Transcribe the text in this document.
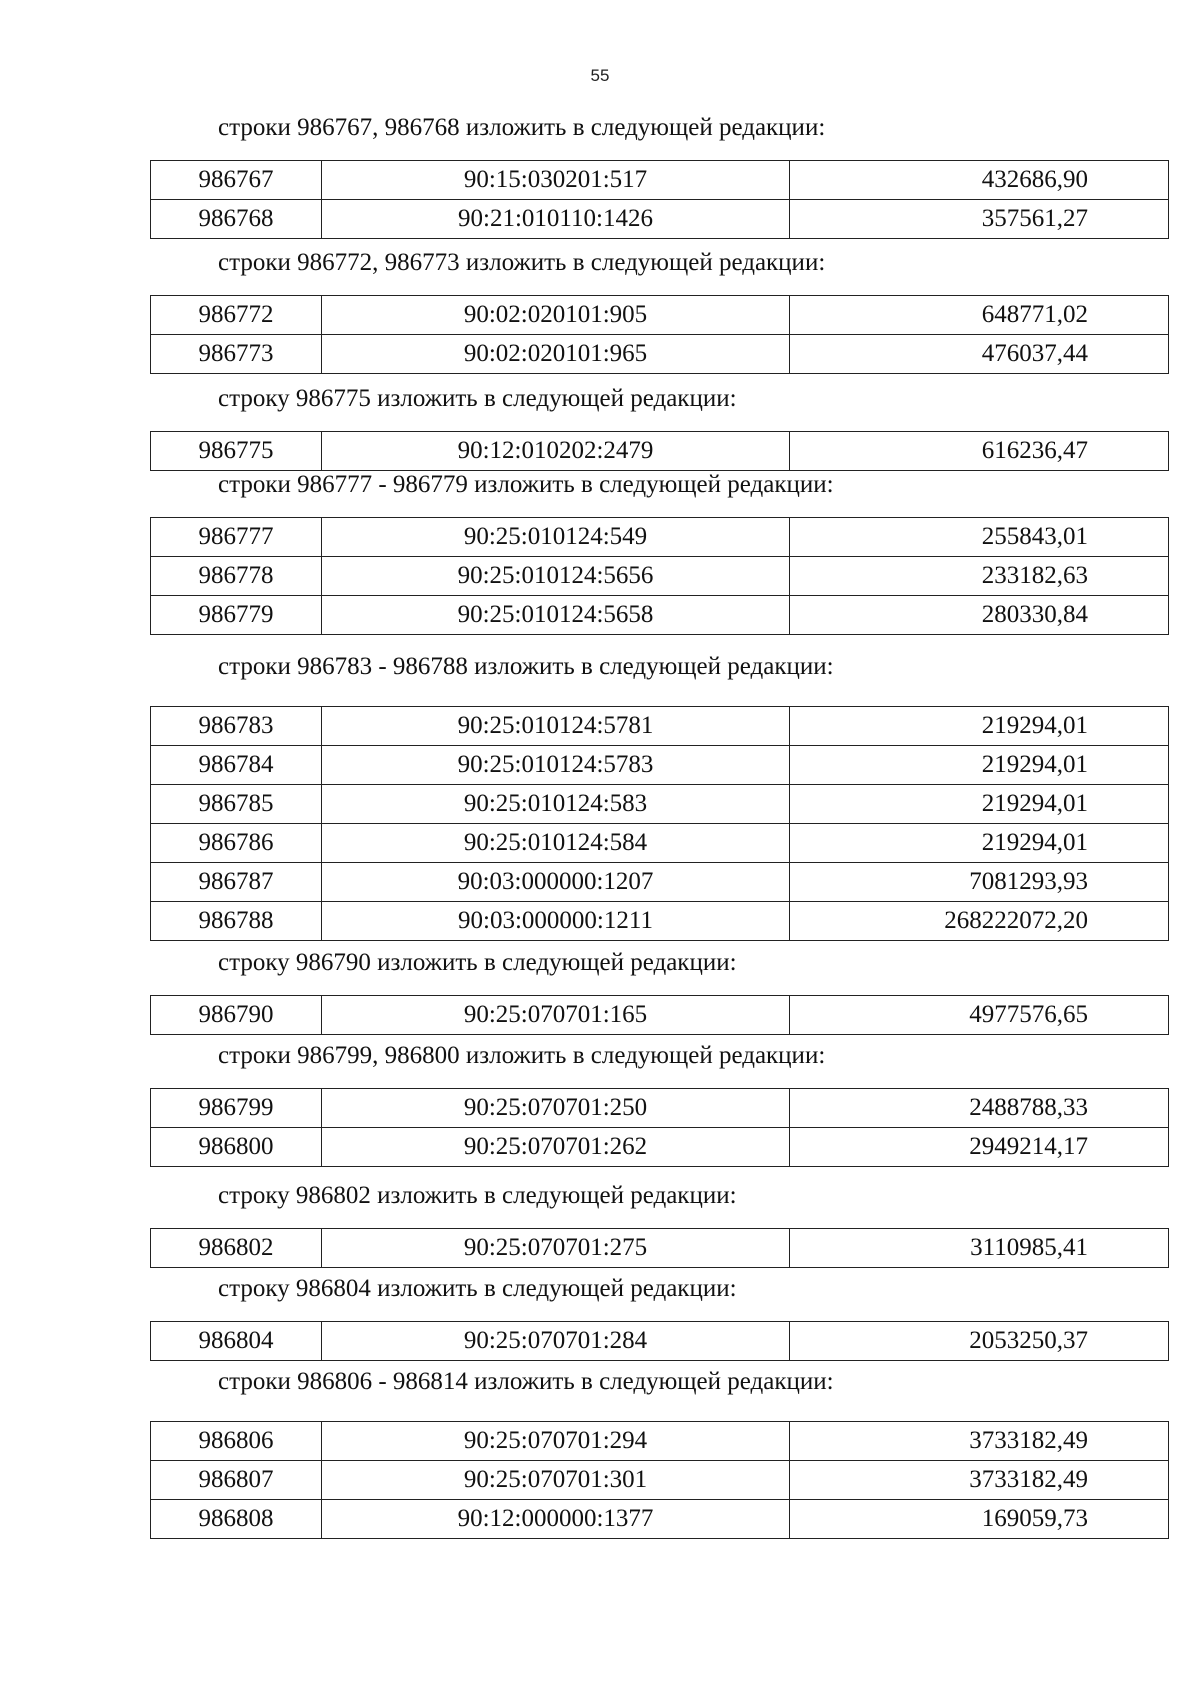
55
строки 986767, 986768 изложить в следующей редакции:
986767	90:15:030201:517	432686,90
986768	90:21:010110:1426	357561,27
строки 986772, 986773 изложить в следующей редакции:
986772	90:02:020101:905	648771,02
986773	90:02:020101:965	476037,44
строку 986775 изложить в следующей редакции:
986775	90:12:010202:2479	616236,47
строки 986777 - 986779 изложить в следующей редакции:
986777	90:25:010124:549	255843,01
986778	90:25:010124:5656	233182,63
986779	90:25:010124:5658	280330,84
строки 986783 - 986788 изложить в следующей редакции:
986783	90:25:010124:5781	219294,01
986784	90:25:010124:5783	219294,01
986785	90:25:010124:583	219294,01
986786	90:25:010124:584	219294,01
986787	90:03:000000:1207	7081293,93
986788	90:03:000000:1211	268222072,20
строку 986790 изложить в следующей редакции:
986790	90:25:070701:165	4977576,65
строки 986799, 986800 изложить в следующей редакции:
986799	90:25:070701:250	2488788,33
986800	90:25:070701:262	2949214,17
строку 986802 изложить в следующей редакции:
986802	90:25:070701:275	3110985,41
строку 986804 изложить в следующей редакции:
986804	90:25:070701:284	2053250,37
строки 986806 - 986814 изложить в следующей редакции:
986806	90:25:070701:294	3733182,49
986807	90:25:070701:301	3733182,49
986808	90:12:000000:1377	169059,73
